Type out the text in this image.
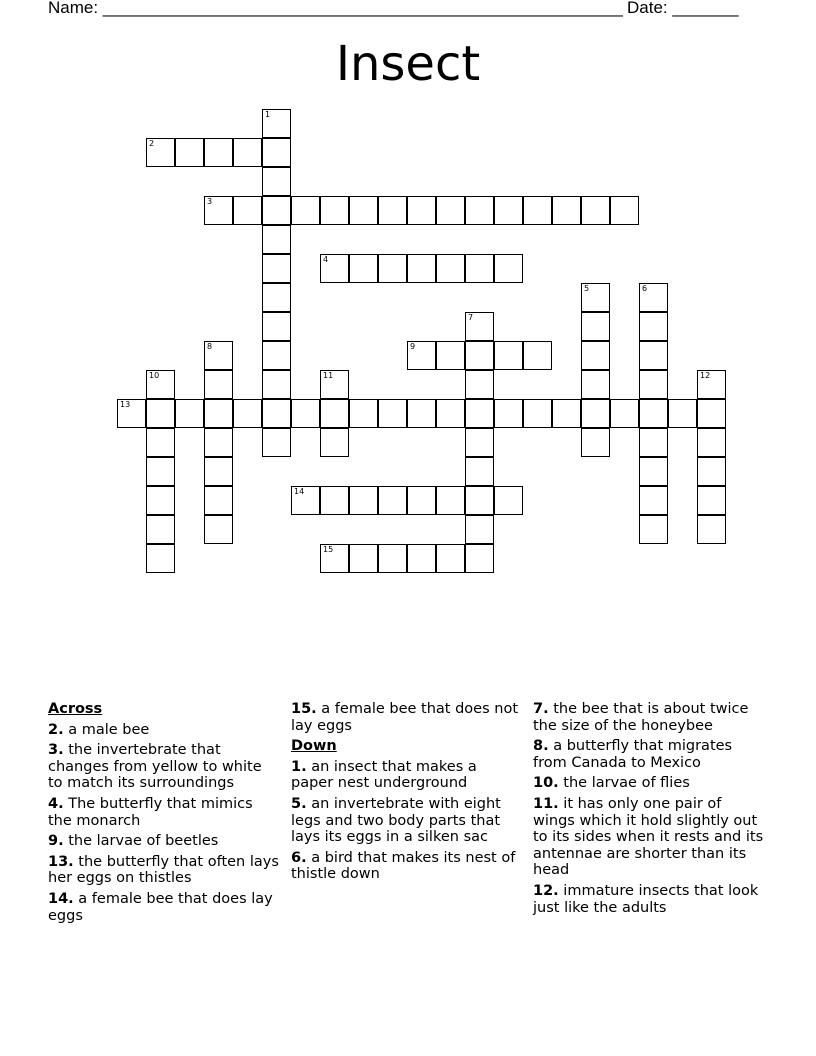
Name: _______________________________________________________ Date: _______
Insect
1
2
3
4
5	6
7
8	9
10	11	12
13
14
15
Across
2. a male bee
3. the invertebrate that changes from yellow to white to match its surroundings
4. The butterfly that mimics the monarch
9. the larvae of beetles
13. the butterfly that often lays her eggs on thistles
14. a female bee that does lay eggs
15. a female bee that does not lay eggs
Down
1. an insect that makes a paper nest underground
5. an invertebrate with eight legs and two body parts that lays its eggs in a silken sac
6. a bird that makes its nest of thistle down
7. the bee that is about twice the size of the honeybee
8. a butterfly that migrates from Canada to Mexico
10. the larvae of flies
11. it has only one pair of wings which it hold slightly out to its sides when it rests and its antennae are shorter than its head
12. immature insects that look just like the adults
